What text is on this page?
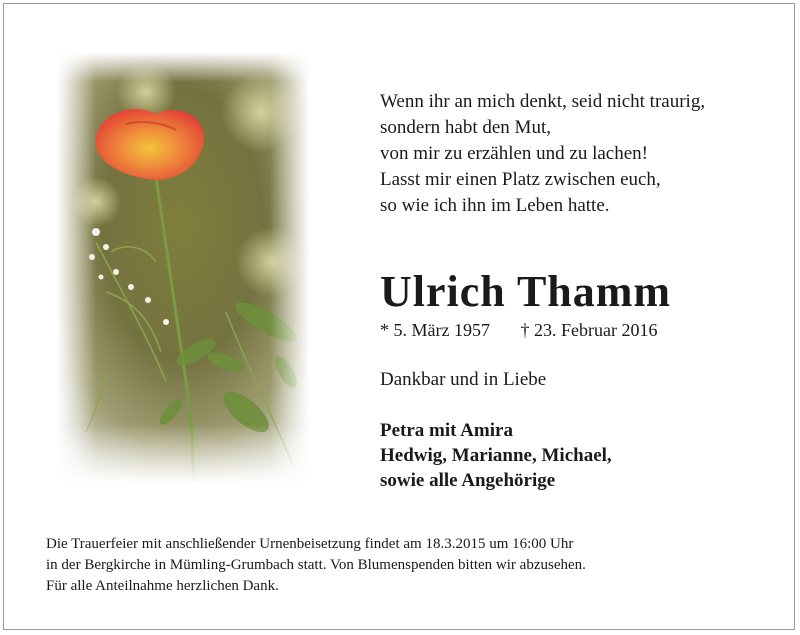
Wenn ihr an mich denkt, seid nicht traurig,
sondern habt den Mut,
von mir zu erzählen und zu lachen!
Lasst mir einen Platz zwischen euch,
so wie ich ihn im Leben hatte.
Ulrich Thamm
* 5. März 1957 † 23. Februar 2016
Dankbar und in Liebe
Petra mit Amira
Hedwig, Marianne, Michael,
sowie alle Angehörige
Die Trauerfeier mit anschließender Urnenbeisetzung findet am 18.3.2015 um 16:00 Uhr
in der Bergkirche in Mümling-Grumbach statt. Von Blumenspenden bitten wir abzusehen.
Für alle Anteilnahme herzlichen Dank.
